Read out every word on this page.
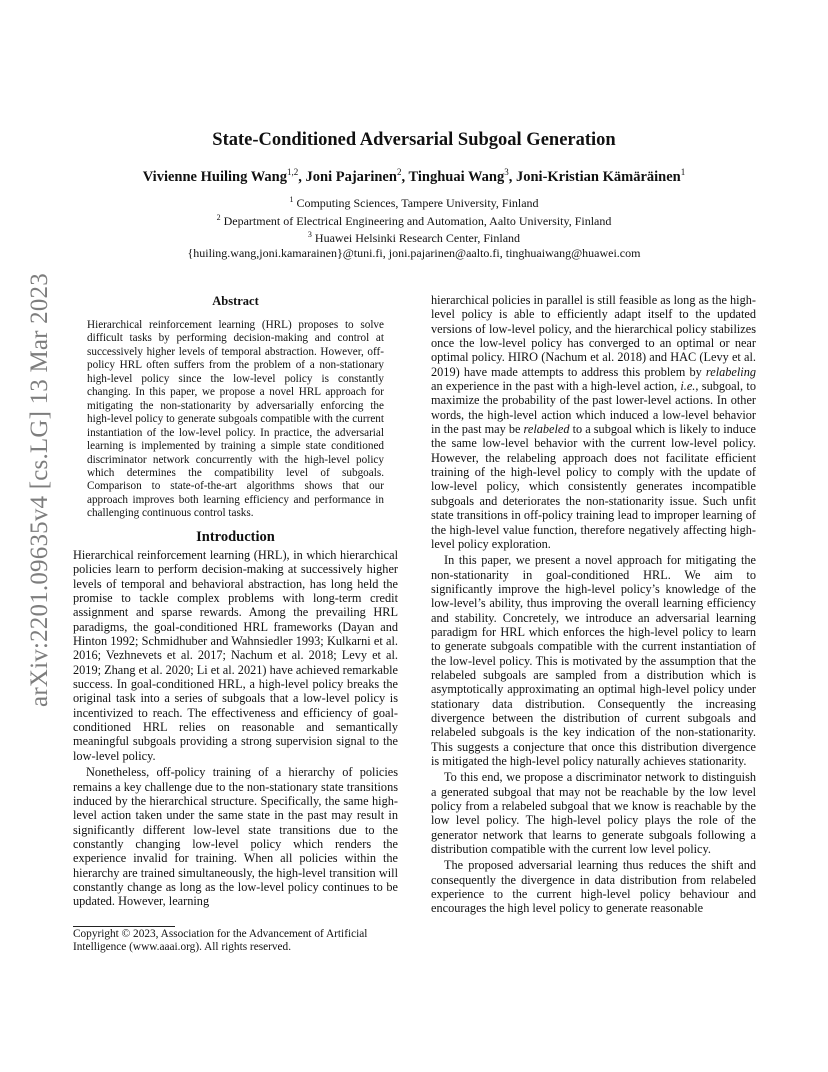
arXiv:2201.09635v4 [cs.LG] 13 Mar 2023
State-Conditioned Adversarial Subgoal Generation
Vivienne Huiling Wang$^{1,2}$, Joni Pajarinen$^2$, Tinghuai Wang$^3$, Joni-Kristian Kämäräinen$^1$
$^1$ Computing Sciences, Tampere University, Finland
$^2$ Department of Electrical Engineering and Automation, Aalto University, Finland
$^3$ Huawei Helsinki Research Center, Finland
{huiling.wang,joni.kamarainen}@tuni.fi, joni.pajarinen@aalto.fi, tinghuaiwang@huawei.com
Abstract

Hierarchical reinforcement learning (HRL) proposes to solve difficult tasks by performing decision-making and control at successively higher levels of temporal abstraction. However, off-policy HRL often suffers from the problem of a non-stationary high-level policy since the low-level policy is constantly changing. In this paper, we propose a novel HRL approach for mitigating the non-stationarity by adversarially enforcing the high-level policy to generate subgoals compatible with the current instantiation of the low-level policy. In practice, the adversarial learning is implemented by training a simple state conditioned discriminator network concurrently with the high-level policy which determines the compatibility level of subgoals. Comparison to state-of-the-art algorithms shows that our approach improves both learning efficiency and performance in challenging continuous control tasks.

Introduction

Hierarchical reinforcement learning (HRL), in which hierarchical policies learn to perform decision-making at successively higher levels of temporal and behavioral abstraction, has long held the promise to tackle complex problems with long-term credit assignment and sparse rewards. Among the prevailing HRL paradigms, the goal-conditioned HRL frameworks (Dayan and Hinton 1992; Schmidhuber and Wahnsiedler 1993; Kulkarni et al. 2016; Vezhnevets et al. 2017; Nachum et al. 2018; Levy et al. 2019; Zhang et al. 2020; Li et al. 2021) have achieved remarkable success. In goal-conditioned HRL, a high-level policy breaks the original task into a series of subgoals that a low-level policy is incentivized to reach. The effectiveness and efficiency of goal-conditioned HRL relies on reasonable and semantically meaningful subgoals providing a strong supervision signal to the low-level policy.

Nonetheless, off-policy training of a hierarchy of policies remains a key challenge due to the non-stationary state transitions induced by the hierarchical structure. Specifically, the same high-level action taken under the same state in the past may result in significantly different low-level state transitions due to the constantly changing low-level policy which renders the experience invalid for training. When all policies within the hierarchy are trained simultaneously, the high-level transition will constantly change as long as the low-level policy continues to be updated. However, learning

Copyright © 2023, Association for the Advancement of Artificial Intelligence (www.aaai.org). All rights reserved.

hierarchical policies in parallel is still feasible as long as the high-level policy is able to efficiently adapt itself to the updated versions of low-level policy, and the hierarchical policy stabilizes once the low-level policy has converged to an optimal or near optimal policy. HIRO (Nachum et al. 2018) and HAC (Levy et al. 2019) have made attempts to address this problem by relabeling an experience in the past with a high-level action, i.e., subgoal, to maximize the probability of the past lower-level actions. In other words, the high-level action which induced a low-level behavior in the past may be relabeled to a subgoal which is likely to induce the same low-level behavior with the current low-level policy. However, the relabeling approach does not facilitate efficient training of the high-level policy to comply with the update of low-level policy, which consistently generates incompatible subgoals and deteriorates the non-stationarity issue. Such unfit state transitions in off-policy training lead to improper learning of the high-level value function, therefore negatively affecting high-level policy exploration.

In this paper, we present a novel approach for mitigating the non-stationarity in goal-conditioned HRL. We aim to significantly improve the high-level policy’s knowledge of the low-level’s ability, thus improving the overall learning efficiency and stability. Concretely, we introduce an adversarial learning paradigm for HRL which enforces the high-level policy to learn to generate subgoals compatible with the current instantiation of the low-level policy. This is motivated by the assumption that the relabeled subgoals are sampled from a distribution which is asymptotically approximating an optimal high-level policy under stationary data distribution. Consequently the increasing divergence between the distribution of current subgoals and relabeled subgoals is the key indication of the non-stationarity. This suggests a conjecture that once this distribution divergence is mitigated the high-level policy naturally achieves stationarity.

To this end, we propose a discriminator network to distinguish a generated subgoal that may not be reachable by the low level policy from a relabeled subgoal that we know is reachable by the low level policy. The high-level policy plays the role of the generator network that learns to generate subgoals following a distribution compatible with the current low level policy.

The proposed adversarial learning thus reduces the shift and consequently the divergence in data distribution from relabeled experience to the current high-level policy behaviour and encourages the high level policy to generate reasonable
